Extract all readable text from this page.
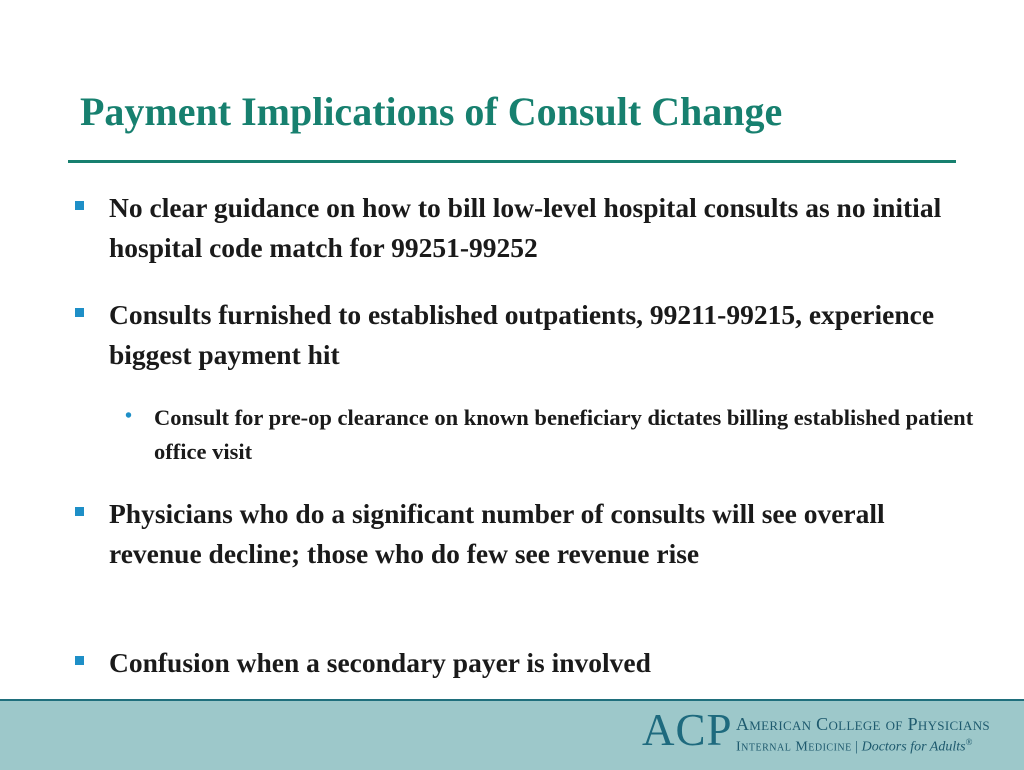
Payment Implications of Consult Change
No clear guidance on how to bill low-level hospital consults as no initial hospital code match for 99251-99252
Consults furnished to established outpatients, 99211-99215, experience biggest payment hit
• Consult for pre-op clearance on known beneficiary dictates billing established patient office visit
Physicians who do a significant number of consults will see overall revenue decline; those who do few see revenue rise
Confusion when a secondary payer is involved
ACP American College of Physicians
Internal Medicine | Doctors for Adults®
